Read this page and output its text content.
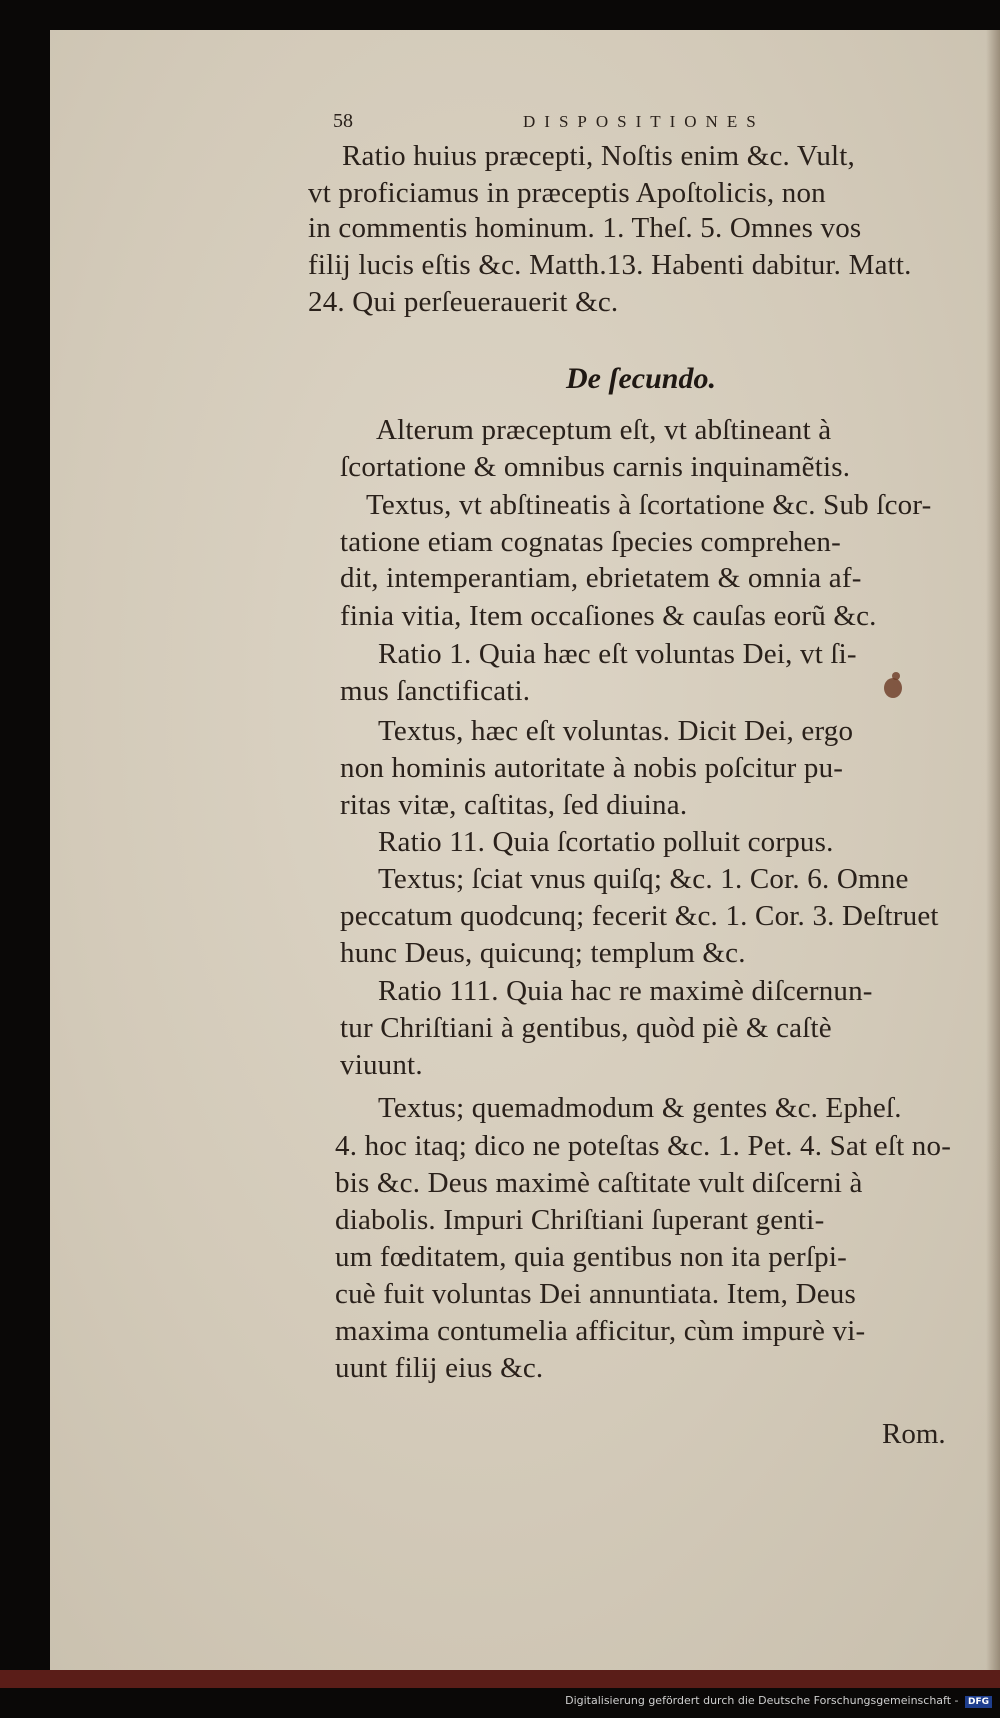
58	DISPOSITIONES
Ratio huius præcepti, Noſtis enim &c. Vult,
vt proficiamus in præceptis Apoſtolicis, non
in commentis hominum. 1. Theſ. 5. Omnes vos
filij lucis eſtis &c. Matth.13. Habenti dabitur. Matt.
24. Qui perſeuerauerit &c.
De ſecundo.
Alterum præceptum eſt, vt abſtineant à
ſcortatione & omnibus carnis inquinamẽtis.
Textus, vt abſtineatis à ſcortatione &c. Sub ſcor-
tatione etiam cognatas ſpecies comprehen-
dit, intemperantiam, ebrietatem & omnia af-
finia vitia, Item occaſiones & cauſas eorũ &c.
Ratio 1. Quia hæc eſt voluntas Dei, vt ſi-
mus ſanctificati.
Textus, hæc eſt voluntas. Dicit Dei, ergo
non hominis autoritate à nobis poſcitur pu-
ritas vitæ, caſtitas, ſed diuina.
Ratio 11. Quia ſcortatio polluit corpus.
Textus; ſciat vnus quiſq; &c. 1. Cor. 6. Omne
peccatum quodcunq; fecerit &c. 1. Cor. 3. Deſtruet
hunc Deus, quicunq; templum &c.
Ratio 111. Quia hac re maximè diſcernun-
tur Chriſtiani à gentibus, quòd piè & caſtè
viuunt.
Textus; quemadmodum & gentes &c. Epheſ.
4. hoc itaq; dico ne poteſtas &c. 1. Pet. 4. Sat eſt no-
bis &c. Deus maximè caſtitate vult diſcerni à
diabolis. Impuri Chriſtiani ſuperant genti-
um fœditatem, quia gentibus non ita perſpi-
cuè fuit voluntas Dei annuntiata. Item, Deus
maxima contumelia afficitur, cùm impurè vi-
uunt filij eius &c.
Rom.
Digitalisierung gefördert durch die Deutsche Forschungsgemeinschaft - DFG
